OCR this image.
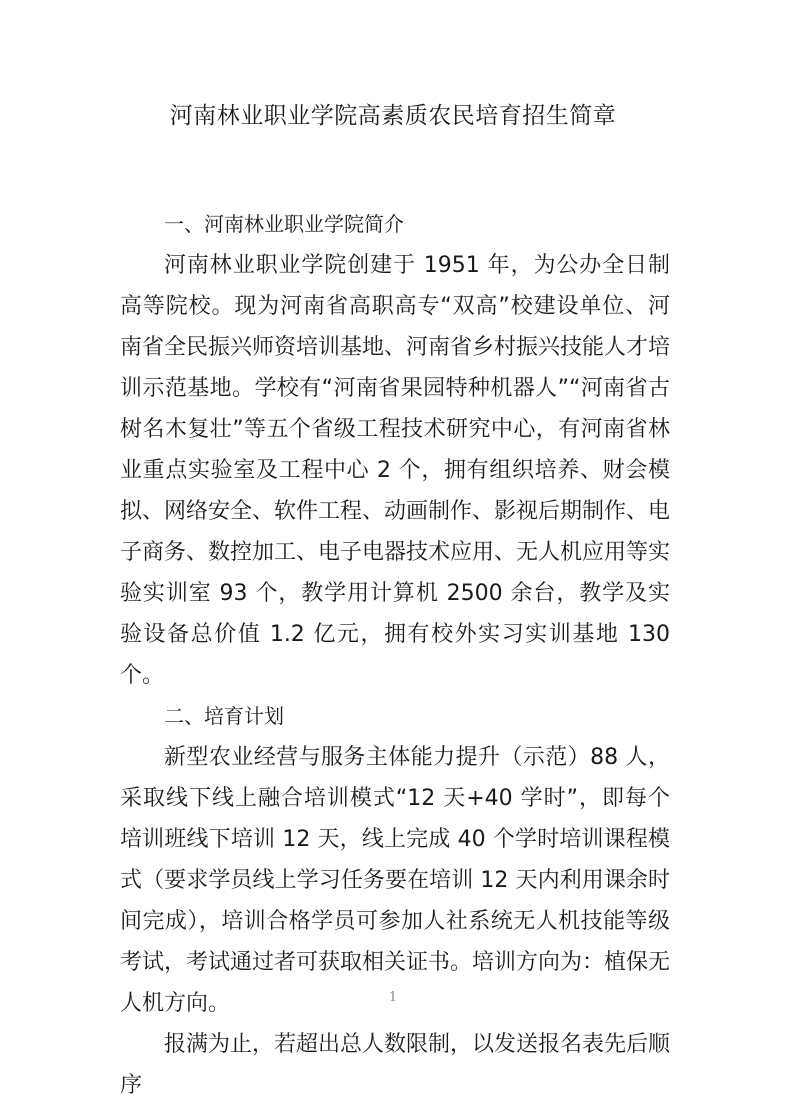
河南林业职业学院高素质农民培育招生简章

一、河南林业职业学院简介

河南林业职业学院创建于 1951 年，为公办全日制高等院校。现为河南省高职高专“双高”校建设单位、河南省全民振兴师资培训基地、河南省乡村振兴技能人才培训示范基地。学校有“河南省果园特种机器人”“河南省古树名木复壮”等五个省级工程技术研究中心，有河南省林业重点实验室及工程中心 2 个，拥有组织培养、财会模拟、网络安全、软件工程、动画制作、影视后期制作、电子商务、数控加工、电子电器技术应用、无人机应用等实验实训室 93 个，教学用计算机 2500 余台，教学及实验设备总价值 1.2 亿元，拥有校外实习实训基地 130 个。

二、培育计划

新型农业经营与服务主体能力提升（示范）88 人，采取线下线上融合培训模式“12 天+40 学时”，即每个培训班线下培训 12 天，线上完成 40 个学时培训课程模式（要求学员线上学习任务要在培训 12 天内利用课余时间完成），培训合格学员可参加人社系统无人机技能等级考试，考试通过者可获取相关证书。培训方向为：植保无人机方向。

报满为止，若超出总人数限制，以发送报名表先后顺序

1
